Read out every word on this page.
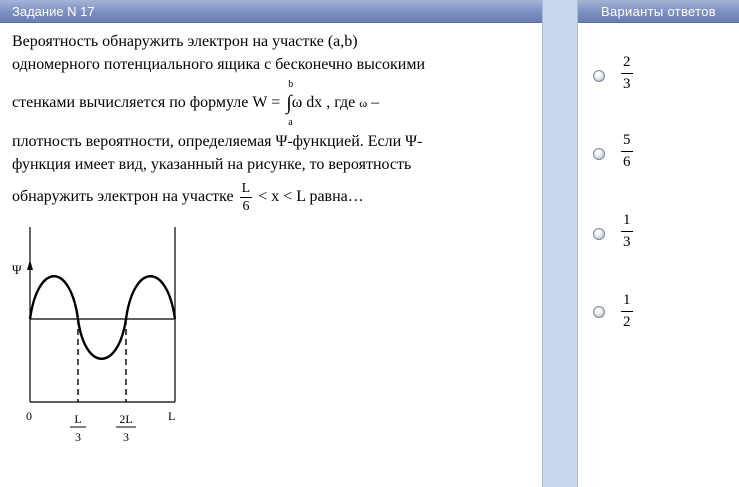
Задание N 17	Варианты ответов
Вероятность обнаружить электрон на участке (a,b)
одномерного потенциального ящика с бесконечно высокими
стенками вычисляется по формуле W =
b
∫
a
ω dx , где ω –
плотность вероятности, определяемая Ψ-функцией. Если Ψ-
функция имеет вид, указанный на рисунке, то вероятность
обнаружить электрон на участке $\frac{L}{6} < x < L$ равна…
Ψ
0	L
L
3
2L
3
$\frac{2}{3}$
$\frac{5}{6}$
$\frac{1}{3}$
$\frac{1}{2}$
